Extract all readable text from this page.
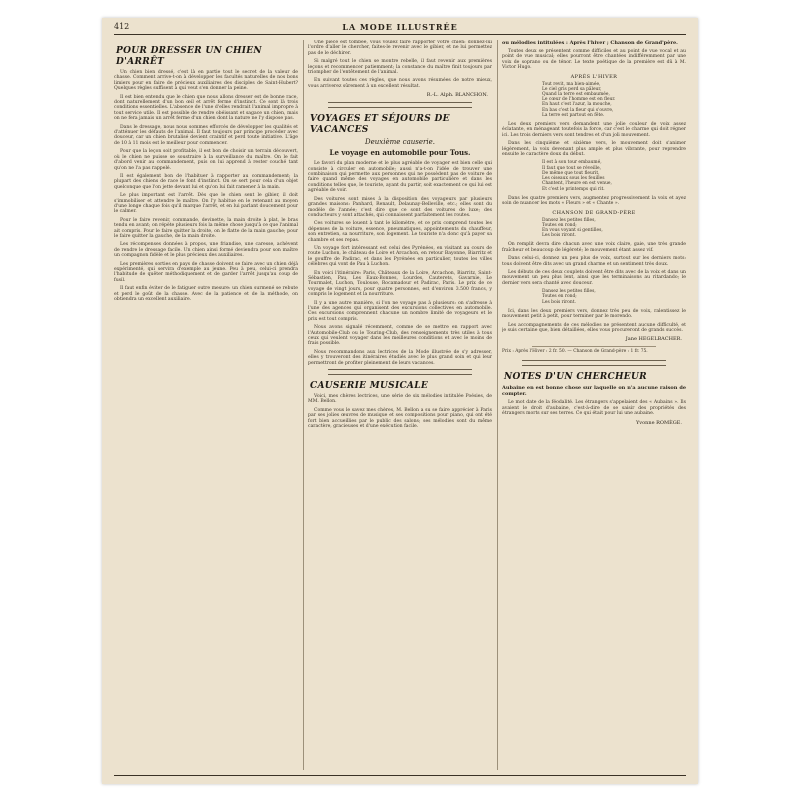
412	LA MODE ILLUSTRÉE
POUR DRESSER UN CHIEN D'ARRÊT

Un chien bien dressé, c'est là en partie tout le secret de la valeur de chasse. Comment arrive-t-on à développer les facultés naturelles de nos bons limiers pour en faire de précieux auxiliaires des disciples de Saint-Hubert? Quelques règles suffisent à qui veut s'en donner la peine.

Il est bien entendu que le chien que nous allons dresser est de bonne race, dont naturellement d'un bon œil et arrêt ferme d'instinct. Ce sont là trois conditions essentielles. L'absence de l'une d'elles rendrait l'animal impropre à tout service utile. Il est possible de rendre obéissant et sagace un chien, mais on ne fera jamais un arrêt ferme d'un chien dont la nature ne l'y dispose pas.

Dans le dressage, nous nous sommes efforcés de développer les qualités et d'atténuer les défauts de l'animal. Il faut toujours par principe procéder avec douceur, car un chien brutalisé devient craintif et perd toute initiative. L'âge de 10 à 11 mois est le meilleur pour commencer.

Pour que la leçon soit profitable, il est bon de choisir un terrain découvert, où le chien ne puisse se soustraire à la surveillance du maître. On le fait d'abord venir au commandement, puis on lui apprend à rester couché tant qu'on ne l'a pas rappelé.

Il est également bon de l'habituer à rapporter au commandement; la plupart des chiens de race le font d'instinct. On se sert pour cela d'un objet quelconque que l'on jette devant lui et qu'on lui fait ramener à la main.

Le plus important est l'arrêt. Dès que le chien sent le gibier, il doit s'immobiliser et attendre le maître. On l'y habitue en le retenant au moyen d'une longe chaque fois qu'il marque l'arrêt, et en lui parlant doucement pour le calmer.

Pour le faire revenir, commande, devinette, la main droite à plat, le bras tendu en avant; on répète plusieurs fois la même chose jusqu'à ce que l'animal ait compris. Pour le faire quitter la droite, on le flatte de la main gauche; pour le faire quitter la gauche, de la main droite.

Les récompenses données à propos, une friandise, une caresse, achèvent de rendre le dressage facile. Un chien ainsi formé deviendra pour son maître un compagnon fidèle et le plus précieux des auxiliaires.

Les premières sorties en pays de chasse doivent se faire avec un chien déjà expérimenté, qui servira d'exemple au jeune. Peu à peu, celui-ci prendra l'habitude de quêter méthodiquement et de garder l'arrêt jusqu'au coup de fusil.

Il faut enfin éviter de le fatiguer outre mesure: un chien surmené se rebute et perd le goût de la chasse. Avec de la patience et de la méthode, on obtiendra un excellent auxiliaire.

Une pièce est tombée, vous voulez faire rapporter votre chien: donnez-lui l'ordre d'aller le chercher, faites-le revenir avec le gibier, et ne lui permettez pas de le déchirer.

Si malgré tout le chien se montre rebelle, il faut revenir aux premières leçons et recommencer patiemment; la constance du maître finit toujours par triompher de l'entêtement de l'animal.

En suivant toutes ces règles, que nous avons résumées de notre mieux, vous arriverez sûrement à un excellent résultat.

R.-L. Alph. BLANCHON.
VOYAGES ET SÉJOURS DE VACANCES
Deuxième causerie.
Le voyage en automobile pour Tous.

Le favori du plan moderne et le plus agréable de voyager est bien celle qui consiste à circuler en automobile; aussi n'a-t-on l'idée de trouver une combinaison qui permette aux personnes qui ne possèdent pas de voiture de faire quand même des voyages en automobile particulière et dans les conditions telles que, le touriste, ayant du partir, soit exactement ce qui lui est agréable de voir.

Des voitures sont mises à la disposition des voyageurs par plusieurs grandes maisons: Panhard, Renault, Delaunay-Belleville, etc.; elles sont du modèle de l'année; c'est dire que ce sont des voitures de luxe; des conducteurs y sont attachés, qui connaissent parfaitement les routes.

Ces voitures se louent à tant le kilomètre, et ce prix comprend toutes les dépenses de la voiture, essence, pneumatiques, appointements du chauffeur, son entretien, sa nourriture, son logement. Le touriste n'a donc qu'à payer sa chambre et ses repas.

Un voyage fort intéressant est celui des Pyrénées, en visitant au cours de route Luchon, le château de Loire et Arcachon, en retour Bayonne, Biarritz et le gouffre de Padirac, et dans les Pyrénées en particulier, toutes les villes célèbres qui vont de Pau à Luchon.

En voici l'itinéraire: Paris, Châteaux de la Loire, Arcachon, Biarritz, Saint-Sébastien, Pau, Les Eaux-Bonnes, Lourdes, Cauterets, Gavarnie, Le Tourmalet, Luchon, Toulouse, Rocamadour et Padirac, Paris. Le prix de ce voyage de vingt jours, pour quatre personnes, est d'environ 3.500 francs, y compris le logement et la nourriture.

Il y a une autre manière, si l'on ne voyage pas à plusieurs: on s'adresse à l'une des agences qui organisent des excursions collectives en automobile. Ces excursions comprennent chacune un nombre limité de voyageurs et le prix est tout compris.

Nous avons signalé récemment, comme de se mettre en rapport avec l'Automobile-Club ou le Touring-Club, des renseignements très utiles à tous ceux qui veulent voyager dans les meilleures conditions et avec le moins de frais possible.

Nous recommandons aux lectrices de la Mode illustrée de s'y adresser, elles y trouveront des itinéraires étudiés avec le plus grand soin et qui leur permettront de profiter pleinement de leurs vacances.

CAUSERIE MUSICALE

Voici, mes chères lectrices, une série de six mélodies intitulée Poésies, de MM. Bellon.

Comme vous le savez mes chères, M. Bellon a su se faire apprécier à Paris par ses jolies œuvres de musique et ses compositions pour piano, qui ont été fort bien accueillies par le public des salons; ses mélodies sont du même caractère, gracieuses et d'une exécution facile.

ou mélodies intitulées : Après l'hiver ; Chanson de Grand'père.

Toutes deux se présentent comme difficiles et au point de vue vocal et au point de vue musical; elles pourront être chantées indifféremment par une voix de soprano ou de ténor. Le texte poétique de la première est dû à M. Victor Hugo.

APRÈS L'HIVER
Tout revit, ma bien-aimée,
Le ciel gris perd sa pâleur,
Quand la terre est embaumée,
Le cœur de l'homme est en fleur.
En haut c'est l'azur, la mouche,
En bas c'est la fleur qui s'ouvre,
La terre est partout en fête.

Les deux premiers vers demandent une jolie couleur de voix assez éclatante, en ménageant toutefois la force, car c'est le charme qui doit régner ici. Les trois derniers vers sont tendres et d'un joli mouvement.

Dans les cinquième et sixième vers, le mouvement doit s'animer légèrement, la voix devenant plus ample et plus vibrante, pour reprendre ensuite le caractère doux du début.

Il est à son tour embaumé,
Il faut que tout se réveille,
De même que tout fleurit,
Les oiseaux sous les feuilles
Chantent, l'heure en est venue,
Et c'est le printemps qui rit.

Dans les quatre premiers vers, augmentez progressivement la voix et ayez soin de nuancer les mots « Fleurs » et « Chante ».

CHANSON DE GRAND-PÈRE
Dansez les petites filles,
Toutes en rond;
En vous voyant si gentilles,
Les bois riront.

On remplit devra dire chacun avec une voix claire, gaie, une très grande fraîcheur et beaucoup de légèreté; le mouvement étant assez vif.

Dans celui-ci, donnez un peu plus de voix, surtout sur les derniers mots: tous doivent être dits avec un grand charme et un sentiment très doux.

Les débuts de ces deux couplets doivent être dits avec de la voix et dans un mouvement un peu plus lent, ainsi que les terminaisons au ritardando; le dernier vers sera chanté avec douceur.

Dansez les petites filles,
Toutes en rond;
Les bois riront.

Ici, dans les deux premiers vers, donnez très peu de voix, ralentissez le mouvement petit à petit, pour terminer par le morendo.

Les accompagnements de ces mélodies ne présentent aucune difficulté, et je suis certaine que, bien détaillées, elles vous procureront de grands succès.

Jane HEGELBACHER.
Prix : Après l'Hiver : 2 fr. 50. — Chanson de Grand-père : 1 fr. 75.
NOTES D'UN CHERCHEUR

Aubaine en est bonne chose sur laquelle on n'a aucune raison de compter.

Le mot date de la féodalité. Les étrangers s'appelaient des « Aubains ». Ils avaient le droit d'aubaine, c'est-à-dire de se saisir des propriétés des étrangers morts sur ses terres. Ce qui était pour lui une aubaine.

Yvonne ROMÈGE.
